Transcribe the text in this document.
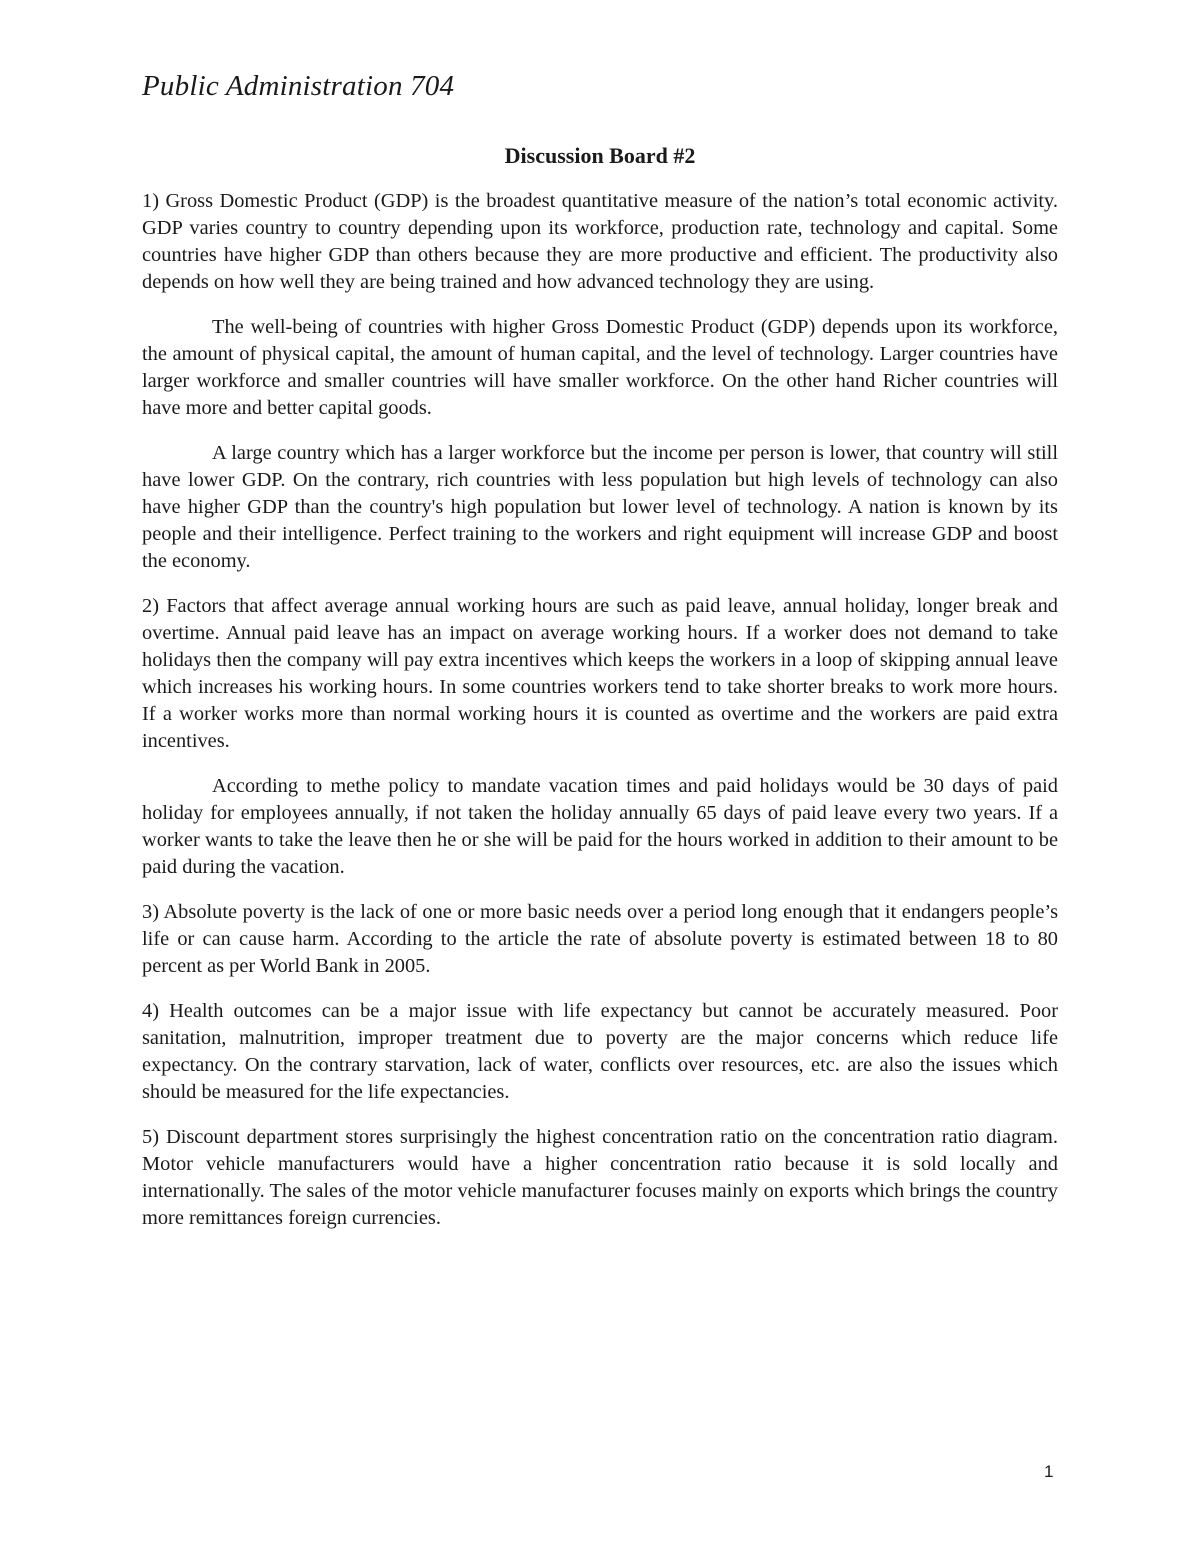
Public Administration 704
Discussion Board #2

1) Gross Domestic Product (GDP) is the broadest quantitative measure of the nation’s total economic activity. GDP varies country to country depending upon its workforce, production rate, technology and capital. Some countries have higher GDP than others because they are more productive and efficient. The productivity also depends on how well they are being trained and how advanced technology they are using.

The well-being of countries with higher Gross Domestic Product (GDP) depends upon its workforce, the amount of physical capital, the amount of human capital, and the level of technology. Larger countries have larger workforce and smaller countries will have smaller workforce. On the other hand Richer countries will have more and better capital goods.

A large country which has a larger workforce but the income per person is lower, that country will still have lower GDP. On the contrary, rich countries with less population but high levels of technology can also have higher GDP than the country's high population but lower level of technology. A nation is known by its people and their intelligence. Perfect training to the workers and right equipment will increase GDP and boost the economy.

2) Factors that affect average annual working hours are such as paid leave, annual holiday, longer break and overtime. Annual paid leave has an impact on average working hours. If a worker does not demand to take holidays then the company will pay extra incentives which keeps the workers in a loop of skipping annual leave which increases his working hours. In some countries workers tend to take shorter breaks to work more hours. If a worker works more than normal working hours it is counted as overtime and the workers are paid extra incentives.

According to methe policy to mandate vacation times and paid holidays would be 30 days of paid holiday for employees annually, if not taken the holiday annually 65 days of paid leave every two years. If a worker wants to take the leave then he or she will be paid for the hours worked in addition to their amount to be paid during the vacation.

3) Absolute poverty is the lack of one or more basic needs over a period long enough that it endangers people’s life or can cause harm. According to the article the rate of absolute poverty is estimated between 18 to 80 percent as per World Bank in 2005.

4) Health outcomes can be a major issue with life expectancy but cannot be accurately measured. Poor sanitation, malnutrition, improper treatment due to poverty are the major concerns which reduce life expectancy. On the contrary starvation, lack of water, conflicts over resources, etc. are also the issues which should be measured for the life expectancies.

5) Discount department stores surprisingly the highest concentration ratio on the concentration ratio diagram. Motor vehicle manufacturers would have a higher concentration ratio because it is sold locally and internationally. The sales of the motor vehicle manufacturer focuses mainly on exports which brings the country more remittances foreign currencies.

1
